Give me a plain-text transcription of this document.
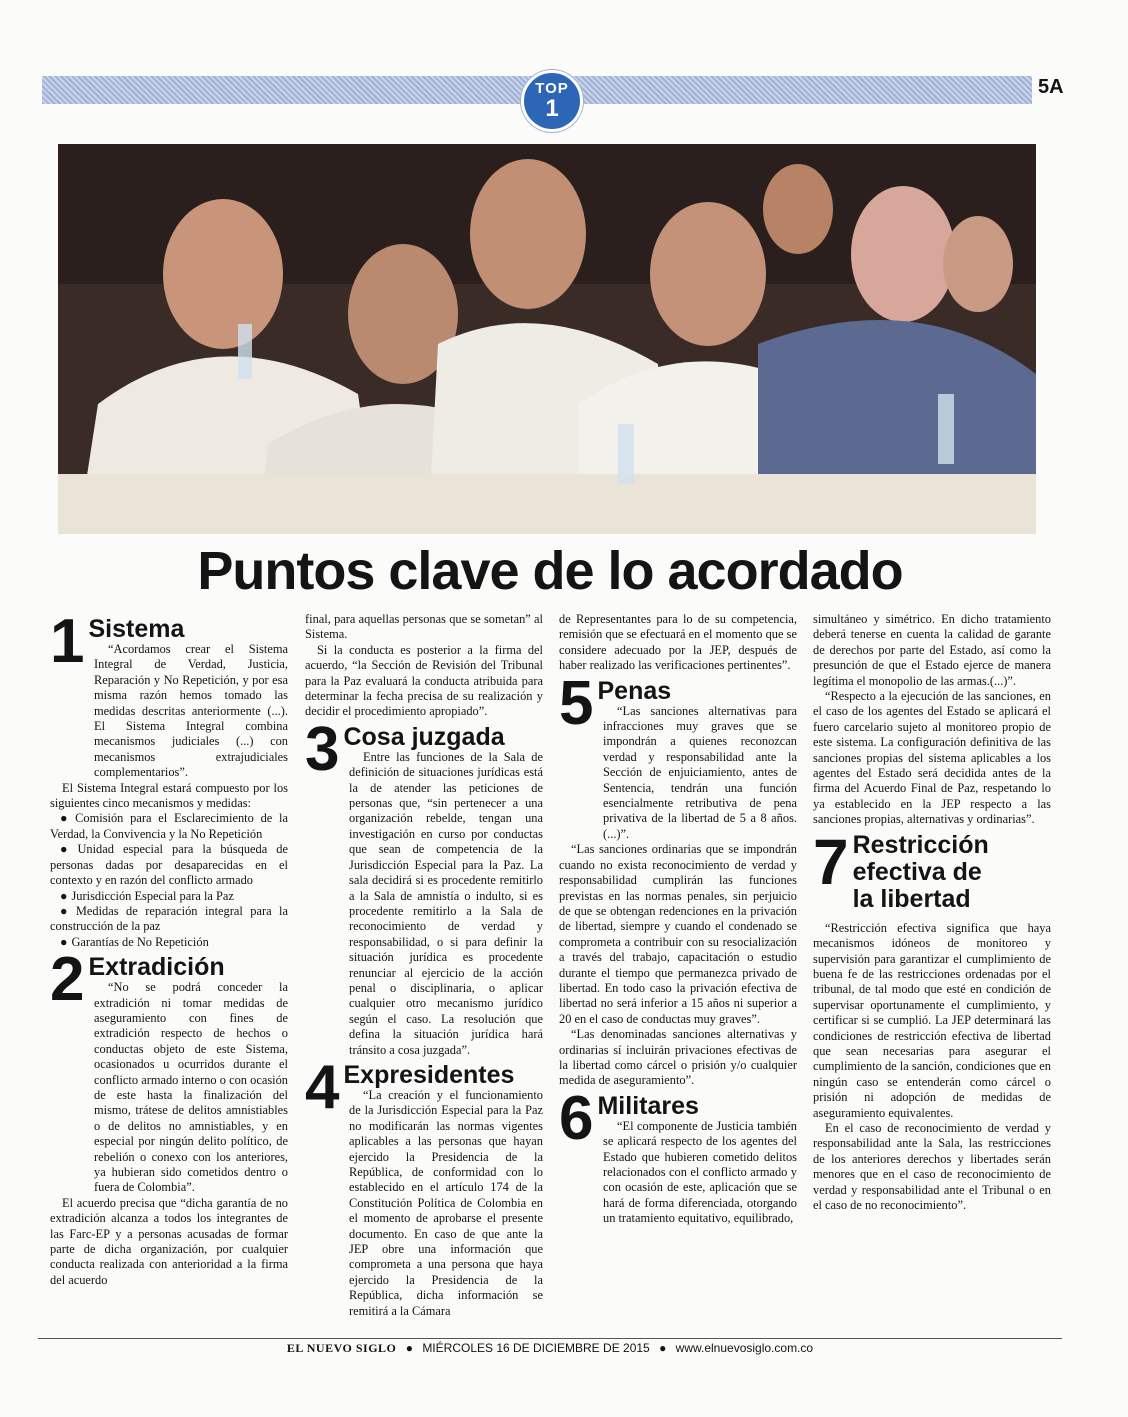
TOP
1
5A
Puntos clave de lo acordado
1 Sistema

“Acordamos crear el Sistema Integral de Verdad, Justicia, Reparación y No Repetición, y por esa misma razón hemos tomado las medidas descritas anteriormente (...). El Sistema Integral combina mecanismos judiciales (...) con mecanismos extrajudiciales complementarios”.

El Sistema Integral estará compuesto por los siguientes cinco mecanismos y medidas:

● Comisión para el Esclarecimiento de la Verdad, la Convivencia y la No Repetición

● Unidad especial para la búsqueda de personas dadas por desaparecidas en el contexto y en razón del conflicto armado

● Jurisdicción Especial para la Paz

● Medidas de reparación integral para la construcción de la paz

● Garantías de No Repetición

2 Extradición

“No se podrá conceder la extradición ni tomar medidas de aseguramiento con fines de extradición respecto de hechos o conductas objeto de este Sistema, ocasionados u ocurridos durante el conflicto armado interno o con ocasión de este hasta la finalización del mismo, trátese de delitos amnistiables o de delitos no amnistiables, y en especial por ningún delito político, de rebelión o conexo con los anteriores, ya hubieran sido cometidos dentro o fuera de Colombia”.

El acuerdo precisa que “dicha garantía de no extradición alcanza a todos los integrantes de las Farc-EP y a personas acusadas de formar parte de dicha organización, por cualquier conducta realizada con anterioridad a la firma del acuerdo

final, para aquellas personas que se sometan” al Sistema.

Si la conducta es posterior a la firma del acuerdo, “la Sección de Revisión del Tribunal para la Paz evaluará la conducta atribuida para determinar la fecha precisa de su realización y decidir el procedimiento apropiado”.

3 Cosa juzgada

Entre las funciones de la Sala de definición de situaciones jurídicas está la de atender las peticiones de personas que, “sin pertenecer a una organización rebelde, tengan una investigación en curso por conductas que sean de competencia de la Jurisdicción Especial para la Paz. La sala decidirá si es procedente remitirlo a la Sala de amnistía o indulto, si es procedente remitirlo a la Sala de reconocimiento de verdad y responsabilidad, o si para definir la situación jurídica es procedente renunciar al ejercicio de la acción penal o disciplinaria, o aplicar cualquier otro mecanismo jurídico según el caso. La resolución que defina la situación jurídica hará tránsito a cosa juzgada”.

4 Expresidentes

“La creación y el funcionamiento de la Jurisdicción Especial para la Paz no modificarán las normas vigentes aplicables a las personas que hayan ejercido la Presidencia de la República, de conformidad con lo establecido en el artículo 174 de la Constitución Política de Colombia en el momento de aprobarse el presente documento. En caso de que ante la JEP obre una información que comprometa a una persona que haya ejercido la Presidencia de la República, dicha información se remitirá a la Cámara

de Representantes para lo de su competencia, remisión que se efectuará en el momento que se considere adecuado por la JEP, después de haber realizado las verificaciones pertinentes”.

5 Penas

“Las sanciones alternativas para infracciones muy graves que se impondrán a quienes reconozcan verdad y responsabilidad ante la Sección de enjuiciamiento, antes de Sentencia, tendrán una función esencialmente retributiva de pena privativa de la libertad de 5 a 8 años.(...)”.

“Las sanciones ordinarias que se impondrán cuando no exista reconocimiento de verdad y responsabilidad cumplirán las funciones previstas en las normas penales, sin perjuicio de que se obtengan redenciones en la privación de libertad, siempre y cuando el condenado se comprometa a contribuir con su resocialización a través del trabajo, capacitación o estudio durante el tiempo que permanezca privado de libertad. En todo caso la privación efectiva de libertad no será inferior a 15 años ni superior a 20 en el caso de conductas muy graves”.

“Las denominadas sanciones alternativas y ordinarias sí incluirán privaciones efectivas de la libertad como cárcel o prisión y/o cualquier medida de aseguramiento”.

6 Militares

“El componente de Justicia también se aplicará respecto de los agentes del Estado que hubieren cometido delitos relacionados con el conflicto armado y con ocasión de este, aplicación que se hará de forma diferenciada, otorgando un tratamiento equitativo, equilibrado,

simultáneo y simétrico. En dicho tratamiento deberá tenerse en cuenta la calidad de garante de derechos por parte del Estado, así como la presunción de que el Estado ejerce de manera legítima el monopolio de las armas.(...)”.

“Respecto a la ejecución de las sanciones, en el caso de los agentes del Estado se aplicará el fuero carcelario sujeto al monitoreo propio de este sistema. La configuración definitiva de las sanciones propias del sistema aplicables a los agentes del Estado será decidida antes de la firma del Acuerdo Final de Paz, respetando lo ya establecido en la JEP respecto a las sanciones propias, alternativas y ordinarias”.

7 Restricción
efectiva de
la libertad

“Restricción efectiva significa que haya mecanismos idóneos de monitoreo y supervisión para garantizar el cumplimiento de buena fe de las restricciones ordenadas por el tribunal, de tal modo que esté en condición de supervisar oportunamente el cumplimiento, y certificar si se cumplió. La JEP determinará las condiciones de restricción efectiva de libertad que sean necesarias para asegurar el cumplimiento de la sanción, condiciones que en ningún caso se entenderán como cárcel o prisión ni adopción de medidas de aseguramiento equivalentes.

En el caso de reconocimiento de verdad y responsabilidad ante la Sala, las restricciones de los anteriores derechos y libertades serán menores que en el caso de reconocimiento de verdad y responsabilidad ante el Tribunal o en el caso de no reconocimiento”.

EL NUEVO SIGLO ● MIÉRCOLES 16 DE DICIEMBRE DE 2015 ● www.elnuevosiglo.com.co
